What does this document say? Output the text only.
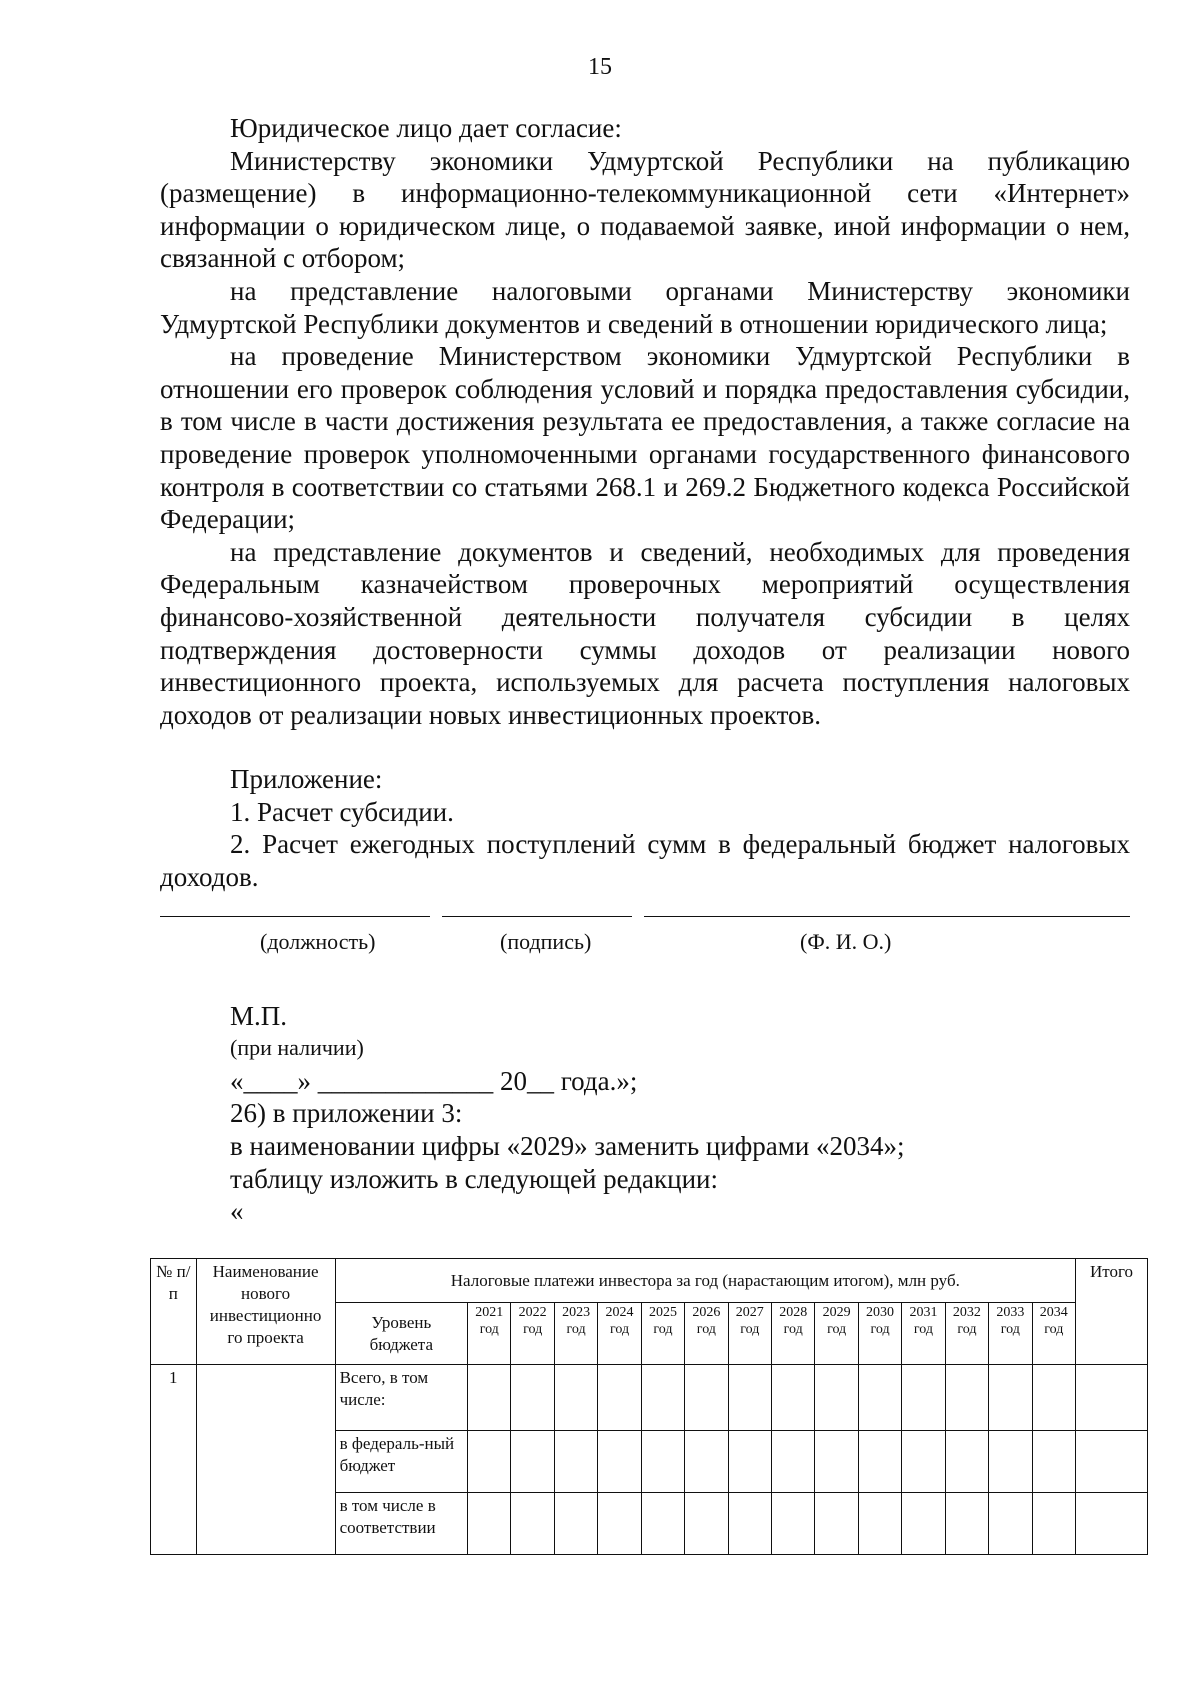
15

Юридическое лицо дает согласие:

Министерству экономики Удмуртской Республики на публикацию (размещение) в информационно-телекоммуникационной сети «Интернет» информации о юридическом лице, о подаваемой заявке, иной информации о нем, связанной с отбором;

на представление налоговыми органами Министерству экономики Удмуртской Республики документов и сведений в отношении юридического лица;

на проведение Министерством экономики Удмуртской Республики в отношении его проверок соблюдения условий и порядка предоставления субсидии, в том числе в части достижения результата ее предоставления, а также согласие на проведение проверок уполномоченными органами государственного финансового контроля в соответствии со статьями 268.1 и 269.2 Бюджетного кодекса Российской Федерации;

на представление документов и сведений, необходимых для проведения Федеральным казначейством проверочных мероприятий осуществления финансово-хозяйственной деятельности получателя субсидии в целях подтверждения достоверности суммы доходов от реализации нового инвестиционного проекта, используемых для расчета поступления налоговых доходов от реализации новых инвестиционных проектов.

Приложение:

1. Расчет субсидии.

2. Расчет ежегодных поступлений сумм в федеральный бюджет налоговых доходов.

(должность)	(подпись)	(Ф. И. О.)

М.П.

(при наличии)

«____» _____________ 20__ года.»;

26) в приложении 3:

в наименовании цифры «2029» заменить цифрами «2034»;

таблицу изложить в следующей редакции:

«

№ п/п	Наименование нового инвестиционно го проекта	Налоговые платежи инвестора за год (нарастающим итогом), млн руб.															Итого
		Уровень бюджета	2021 год	2022 год	2023 год	2024 год	2025 год	2026 год	2027 год	2028 год	2029 год	2030 год	2031 год	2032 год	2033 год	2034 год	
1		Всего, в том числе:															
		в федераль-ный бюджет															
		в том числе в соответствии															
